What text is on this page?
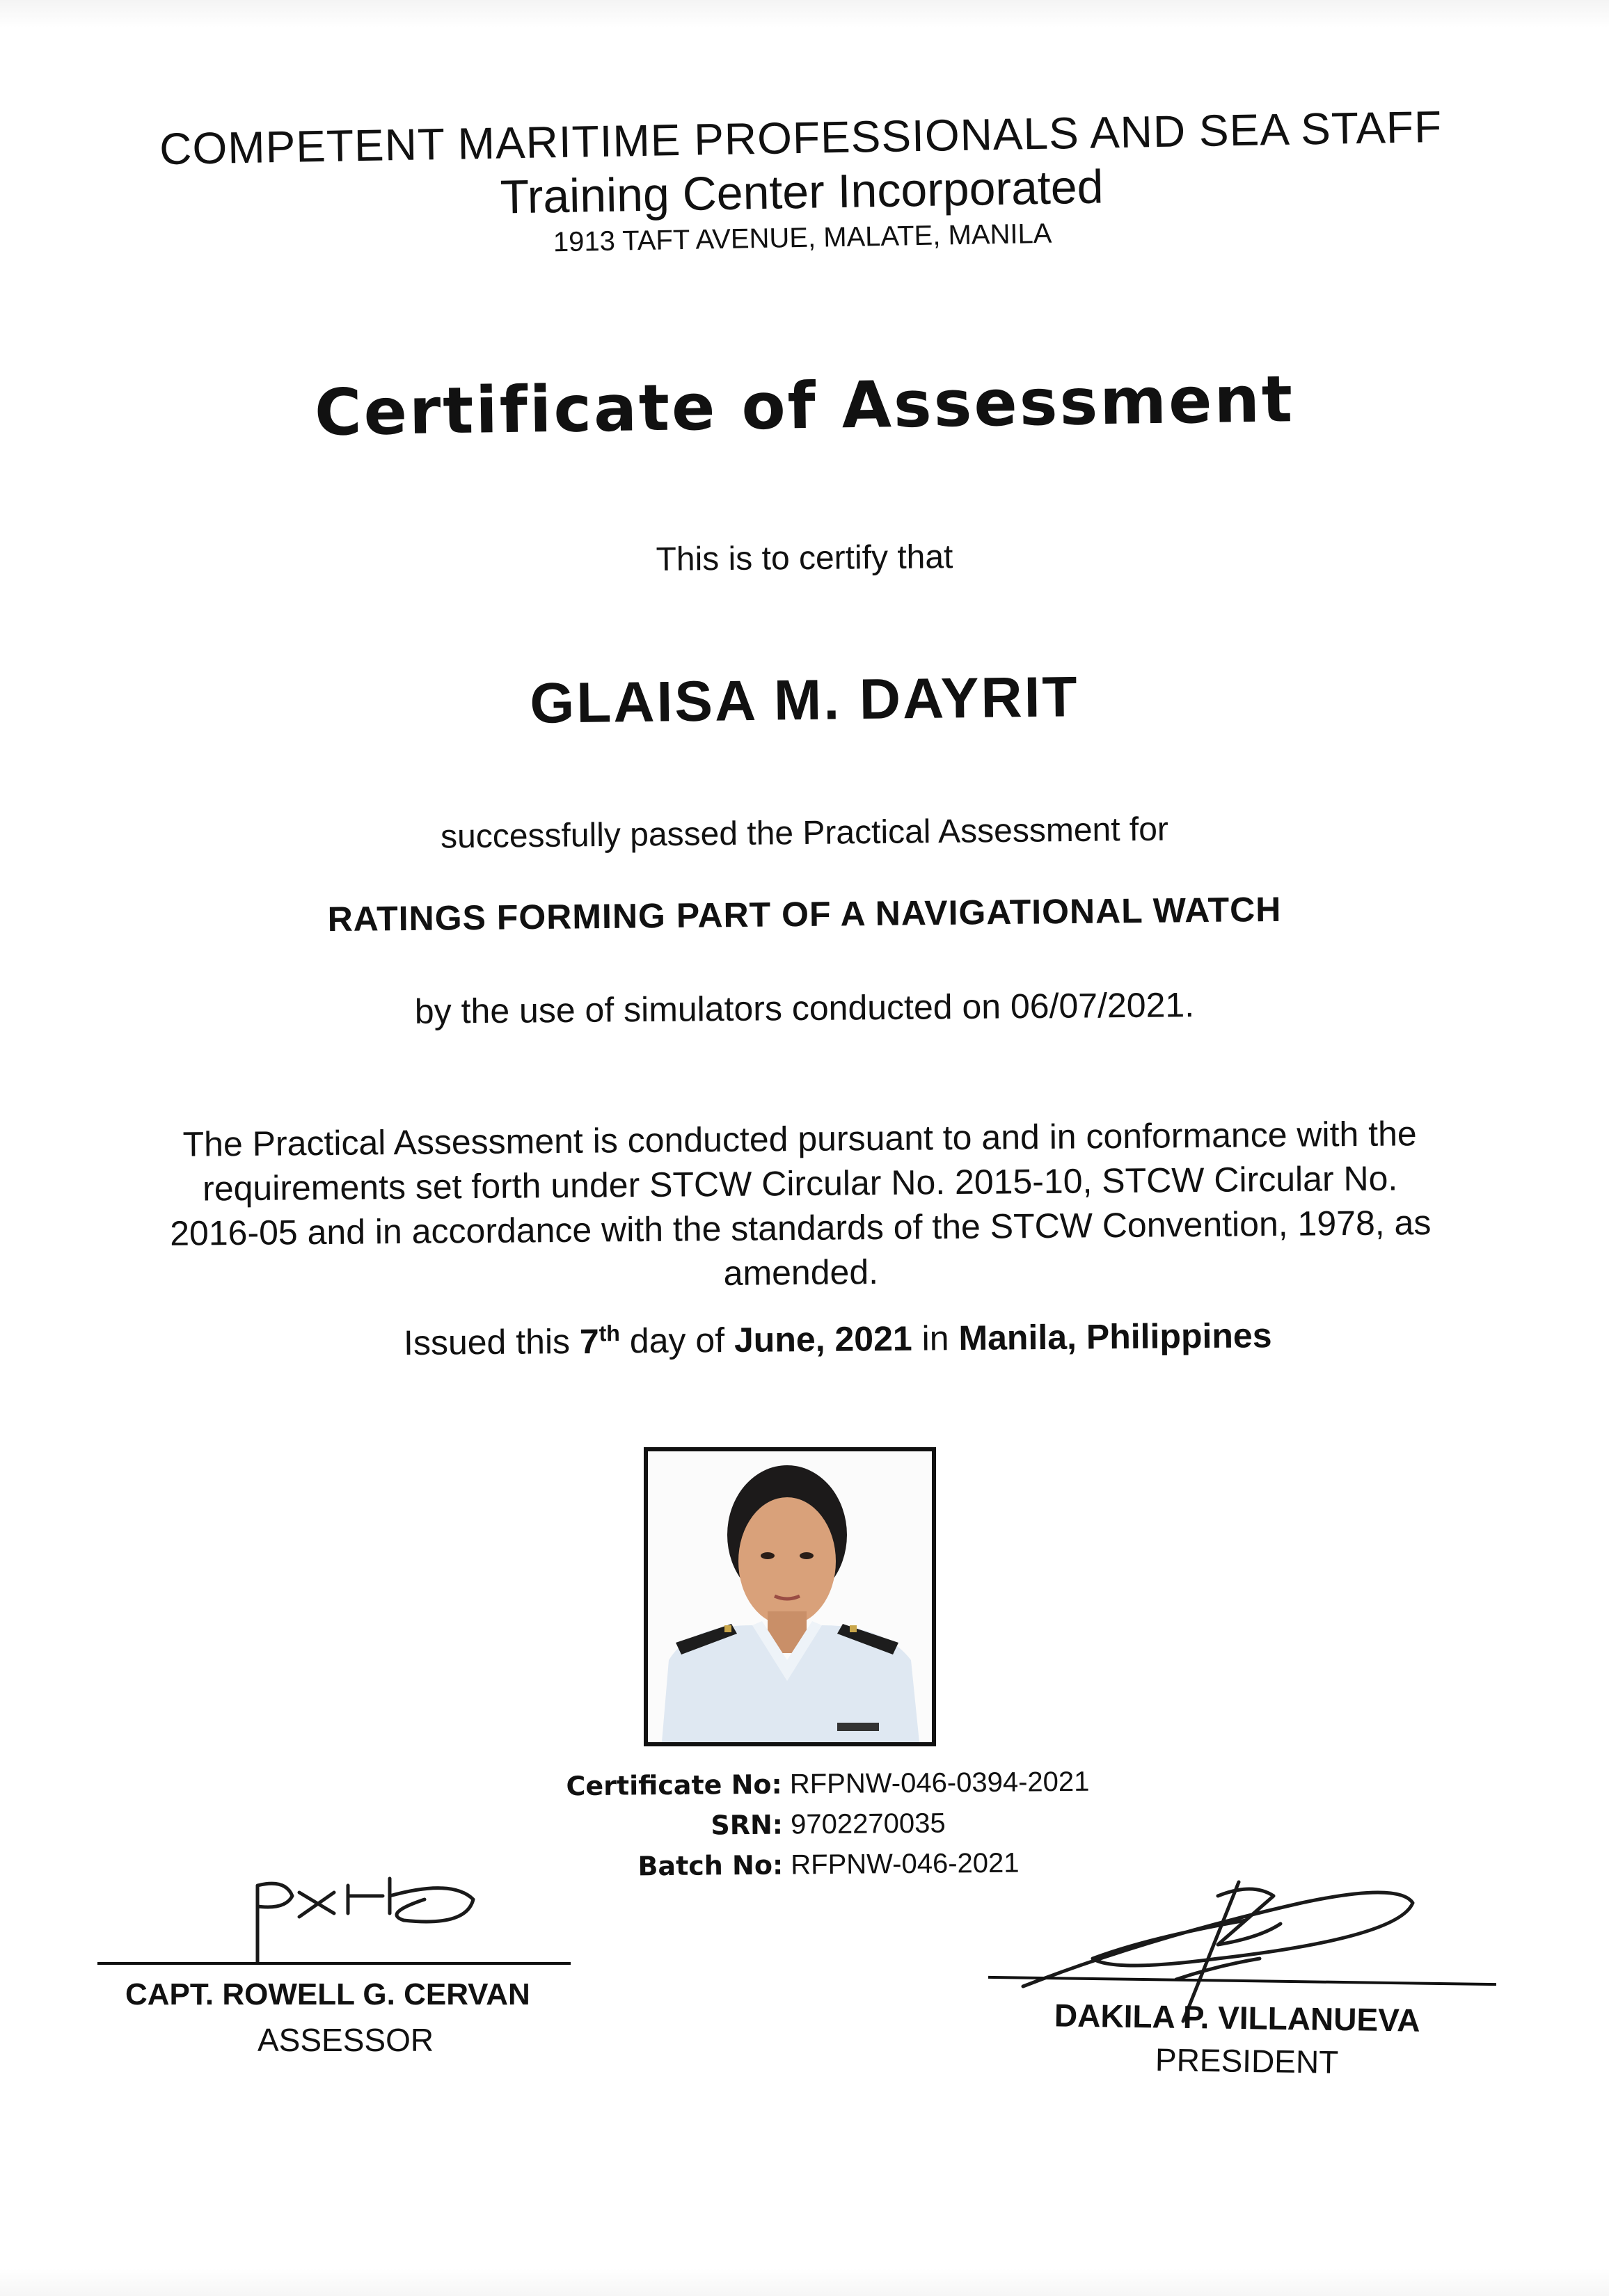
COMPETENT MARITIME PROFESSIONALS AND SEA STAFF
Training Center Incorporated
1913 TAFT AVENUE, MALATE, MANILA
Certificate of Assessment
This is to certify that
GLAISA M. DAYRIT
successfully passed the Practical Assessment for
RATINGS FORMING PART OF A NAVIGATIONAL WATCH
by the use of simulators conducted on 06/07/2021.
The Practical Assessment is conducted pursuant to and in conformance with the
requirements set forth under STCW Circular No. 2015-10, STCW Circular No.
2016-05 and in accordance with the standards of the STCW Convention, 1978, as
amended.
Issued this 7th day of June, 2021 in Manila, Philippines
Certificate No: RFPNW-046-0394-2021
SRN: 9702270035
Batch No: RFPNW-046-2021
CAPT. ROWELL G. CERVAN
ASSESSOR
DAKILA P. VILLANUEVA
PRESIDENT
